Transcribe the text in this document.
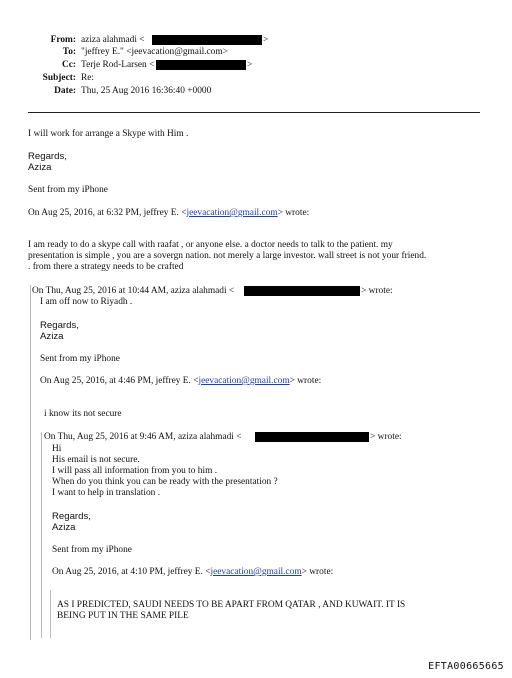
From: aziza alahmadi <	>
To: "jeffrey E." <jeevacation@gmail.com>
Cc: Terje Rod-Larsen <	>
Subject: Re:
Date: Thu, 25 Aug 2016 16:36:40 +0000
I will work for arrange a Skype with Him .
Regards,
Aziza
Sent from my iPhone
On Aug 25, 2016, at 6:32 PM, jeffrey E. <jeevacation@gmail.com> wrote:
I am ready to do a skype call with raafat , or anyone else. a doctor needs to talk to the patient. my
presentation is simple , you are a sovergn nation. not merely a large investor. wall street is not your friend.
. from there a strategy needs to be crafted
On Thu, Aug 25, 2016 at 10:44 AM, aziza alahmadi <	> wrote:
I am off now to Riyadh .
Regards,
Aziza
Sent from my iPhone
On Aug 25, 2016, at 4:46 PM, jeffrey E. <jeevacation@gmail.com> wrote:
i know its not secure
On Thu, Aug 25, 2016 at 9:46 AM, aziza alahmadi <	> wrote:
Hi
His email is not secure.
I will pass all information from you to him .
When do you think you can be ready with the presentation ?
I want to help in translation .
Regards,
Aziza
Sent from my iPhone
On Aug 25, 2016, at 4:10 PM, jeffrey E. <jeevacation@gmail.com> wrote:
AS I PREDICTED, SAUDI NEEDS TO BE APART FROM QATAR , AND KUWAIT. IT IS
BEING PUT IN THE SAME PILE
EFTA00665665
